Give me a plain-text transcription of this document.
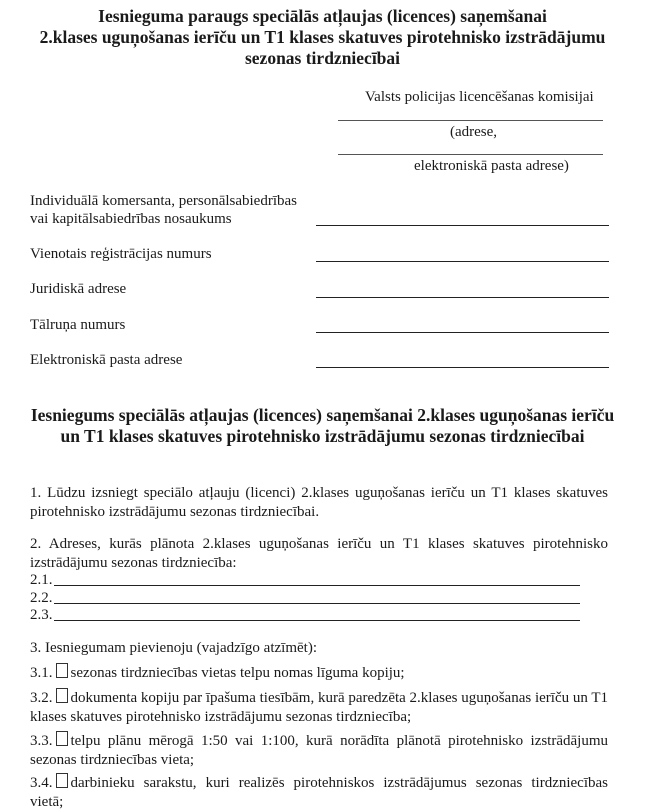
Iesnieguma paraugs speciālās atļaujas (licences) saņemšanai
2.klases uguņošanas ierīču un T1 klases skatuves pirotehnisko izstrādājumu
sezonas tirdzniecībai
Valsts policijas licencēšanas komisijai
(adrese,
elektroniskā pasta adrese)
Individuālā komersanta, personālsabiedrības vai kapitālsabiedrības nosaukums
Vienotais reģistrācijas numurs
Juridiskā adrese
Tālruņa numurs
Elektroniskā pasta adrese
Iesniegums speciālās atļaujas (licences) saņemšanai 2.klases uguņošanas ierīču un T1 klases skatuves pirotehnisko izstrādājumu sezonas tirdzniecībai
1. Lūdzu izsniegt speciālo atļauju (licenci) 2.klases uguņošanas ierīču un T1 klases skatuves pirotehnisko izstrādājumu sezonas tirdzniecībai.
2. Adreses, kurās plānota 2.klases uguņošanas ierīču un T1 klases skatuves pirotehnisko izstrādājumu sezonas tirdzniecība:
2.1.
2.2.
2.3.
3. Iesniegumam pievienoju (vajadzīgo atzīmēt):
3.1. sezonas tirdzniecības vietas telpu nomas līguma kopiju;
3.2. dokumenta kopiju par īpašuma tiesībām, kurā paredzēta 2.klases uguņošanas ierīču un T1 klases skatuves pirotehnisko izstrādājumu sezonas tirdzniecība;
3.3. telpu plānu mērogā 1:50 vai 1:100, kurā norādīta plānotā pirotehnisko izstrādājumu sezonas tirdzniecības vieta;
3.4. darbinieku sarakstu, kuri realizēs pirotehniskos izstrādājumus sezonas tirdzniecības vietā;
